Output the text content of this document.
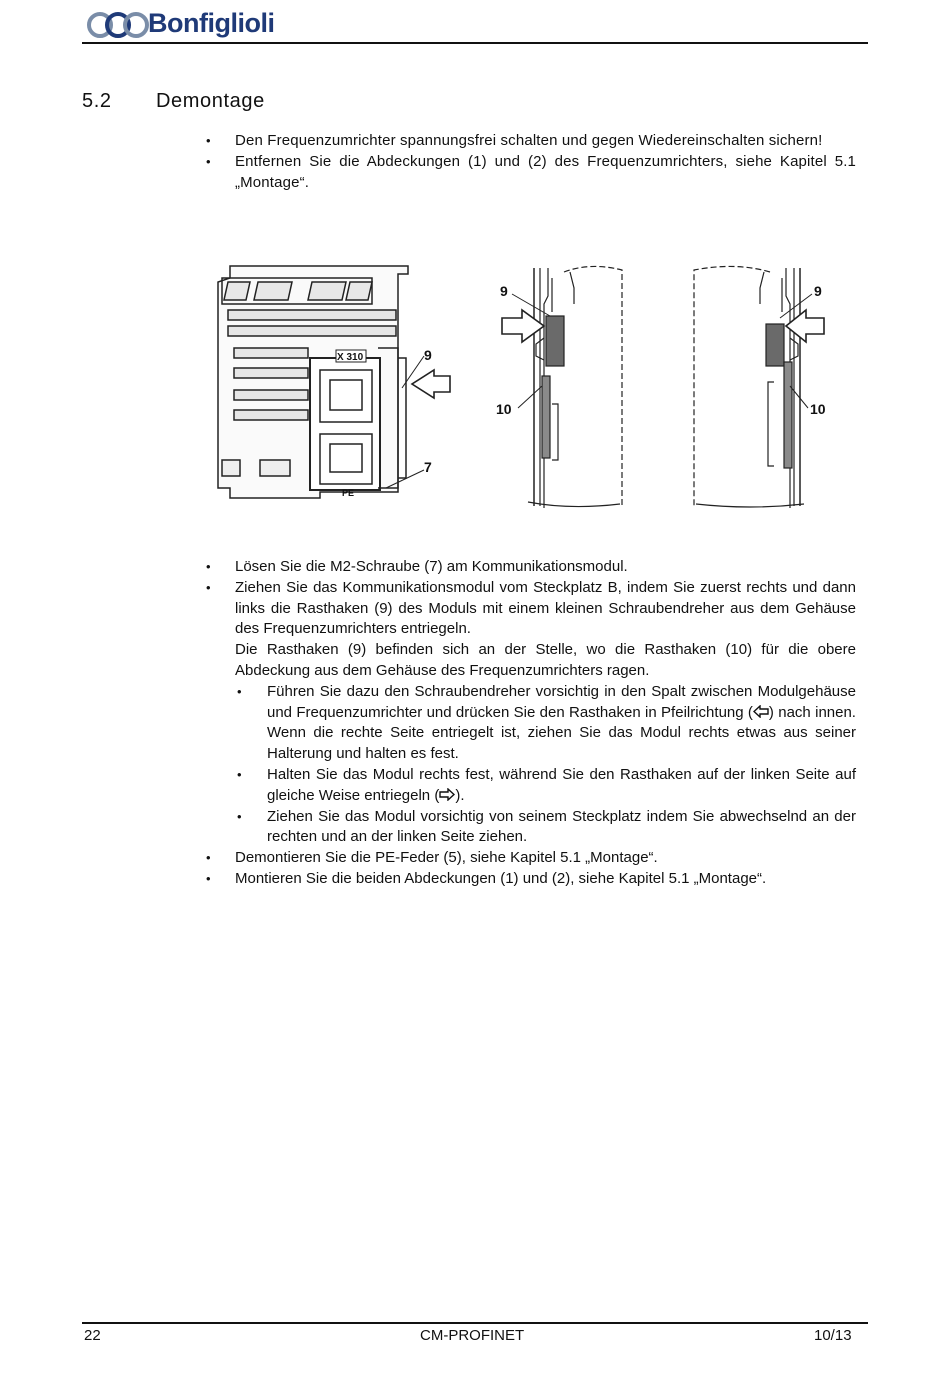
Bonfiglioli
5.2 Demontage
• Den Frequenzumrichter spannungsfrei schalten und gegen Wiedereinschalten sichern!
• Entfernen Sie die Abdeckungen (1) und (2) des Frequenzumrichters, siehe Kapitel 5.1 „Montage“.
X 310
PE
9
7
9
10
9
10
• Lösen Sie die M2-Schraube (7) am Kommunikationsmodul.
• Ziehen Sie das Kommunikationsmodul vom Steckplatz B, indem Sie zuerst rechts und dann links die Rasthaken (9) des Moduls mit einem kleinen Schraubendreher aus dem Gehäuse des Frequenzumrichters entriegeln.
Die Rasthaken (9) befinden sich an der Stelle, wo die Rasthaken (10) für die obere Abdeckung aus dem Gehäuse des Frequenzumrichters ragen.
• Führen Sie dazu den Schraubendreher vorsichtig in den Spalt zwischen Modulgehäuse und Frequenzumrichter und drücken Sie den Rasthaken in Pfeilrichtung ( ) nach innen. Wenn die rechte Seite entriegelt ist, ziehen Sie das Modul rechts etwas aus seiner Halterung und halten es fest.
• Halten Sie das Modul rechts fest, während Sie den Rasthaken auf der linken Seite auf gleiche Weise entriegeln ( ).
• Ziehen Sie das Modul vorsichtig von seinem Steckplatz indem Sie abwechselnd an der rechten und an der linken Seite ziehen.
• Demontieren Sie die PE-Feder (5), siehe Kapitel 5.1 „Montage“.
• Montieren Sie die beiden Abdeckungen (1) und (2), siehe Kapitel 5.1 „Montage“.
22	CM-PROFINET	10/13
